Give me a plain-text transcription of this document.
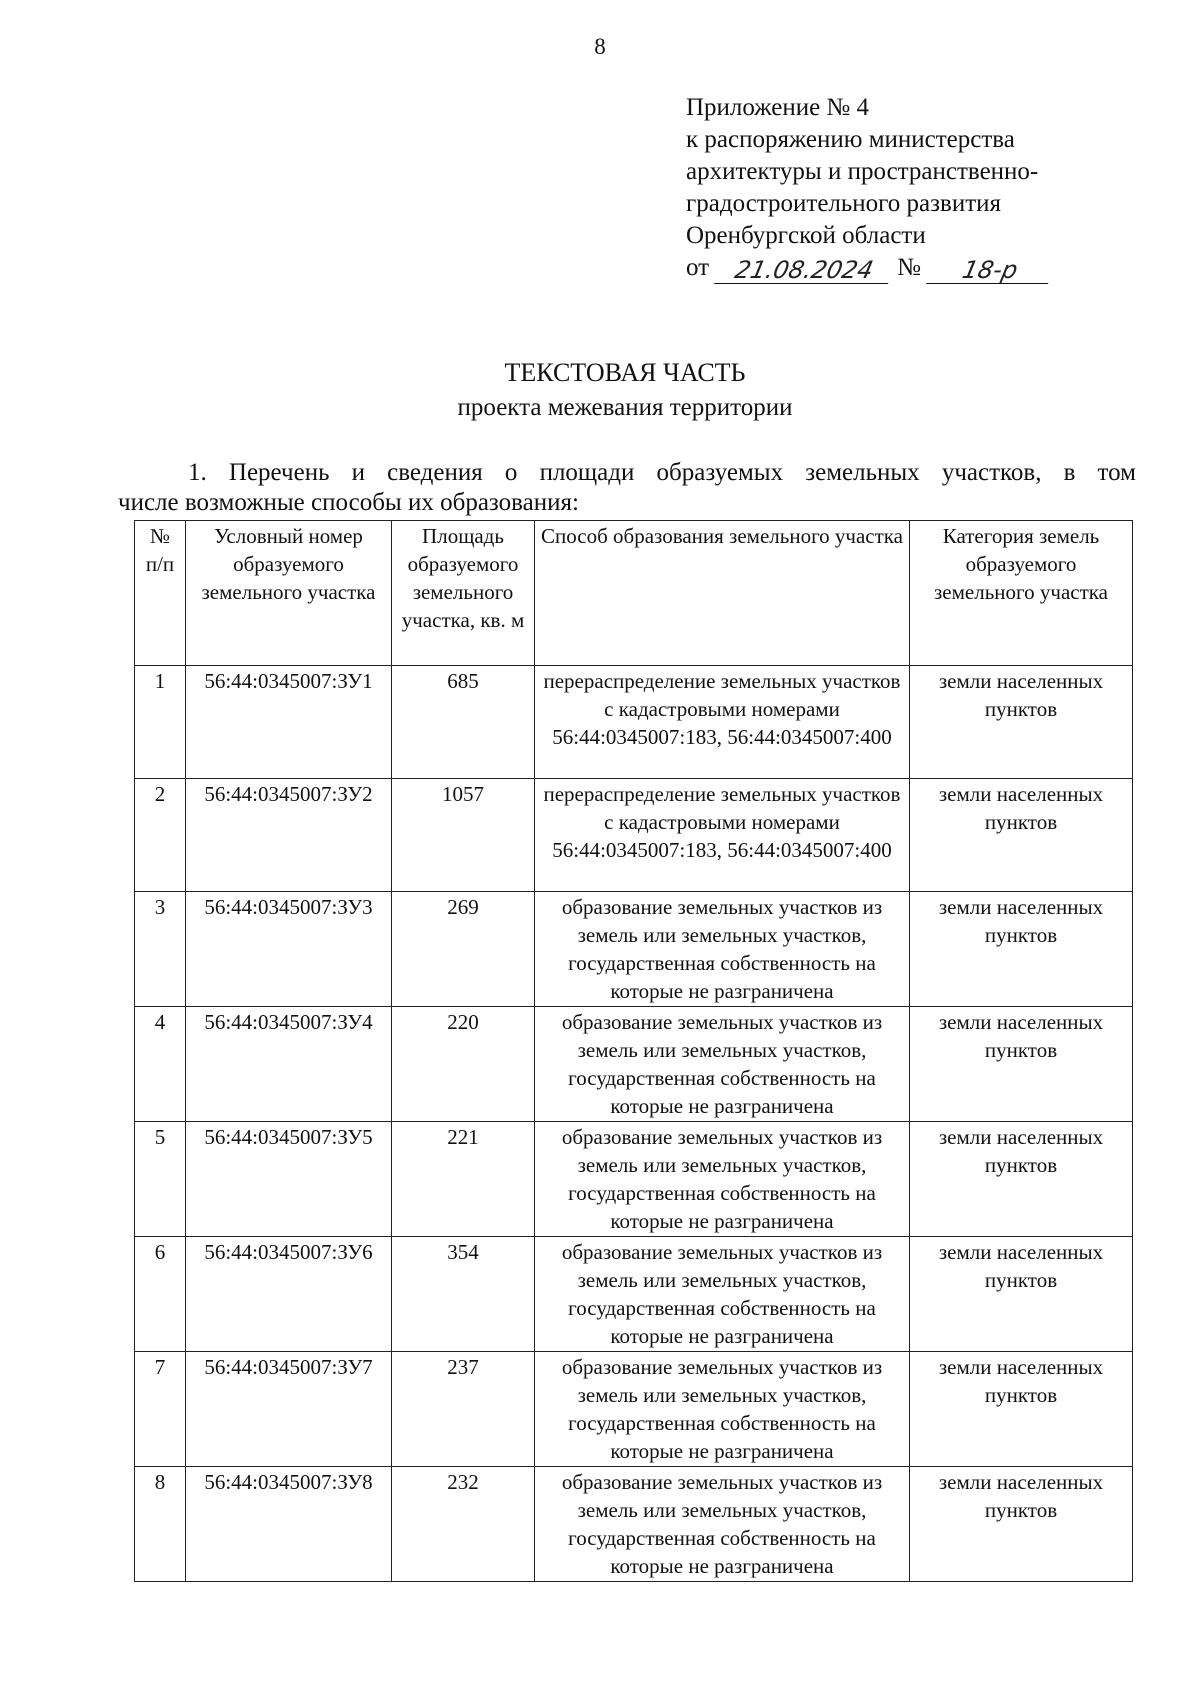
8
Приложение № 4
к распоряжению министерства
архитектуры и пространственно-
градостроительного развития
Оренбургской области
от 21.08.2024 №	18-р
ТЕКСТОВАЯ ЧАСТЬ
проекта межевания территории
1. Перечень и сведения о площади образуемых земельных участков, в том
числе возможные способы их образования:
№ п/п	Условный номер образуемого земельного участка	Площадь образуемого земельного участка, кв. м	Способ образования земельного участка	Категория земель образуемого земельного участка
1	56:44:0345007:ЗУ1	685	перераспределение земельных участков с кадастровыми номерами 56:44:0345007:183, 56:44:0345007:400	земли населенных пунктов
2	56:44:0345007:ЗУ2	1057	перераспределение земельных участков с кадастровыми номерами 56:44:0345007:183, 56:44:0345007:400	земли населенных пунктов
3	56:44:0345007:ЗУ3	269	образование земельных участков из земель или земельных участков, государственная собственность на которые не разграничена	земли населенных пунктов
4	56:44:0345007:ЗУ4	220	образование земельных участков из земель или земельных участков, государственная собственность на которые не разграничена	земли населенных пунктов
5	56:44:0345007:ЗУ5	221	образование земельных участков из земель или земельных участков, государственная собственность на которые не разграничена	земли населенных пунктов
6	56:44:0345007:ЗУ6	354	образование земельных участков из земель или земельных участков, государственная собственность на которые не разграничена	земли населенных пунктов
7	56:44:0345007:ЗУ7	237	образование земельных участков из земель или земельных участков, государственная собственность на которые не разграничена	земли населенных пунктов
8	56:44:0345007:ЗУ8	232	образование земельных участков из земель или земельных участков, государственная собственность на которые не разграничена	земли населенных пунктов
